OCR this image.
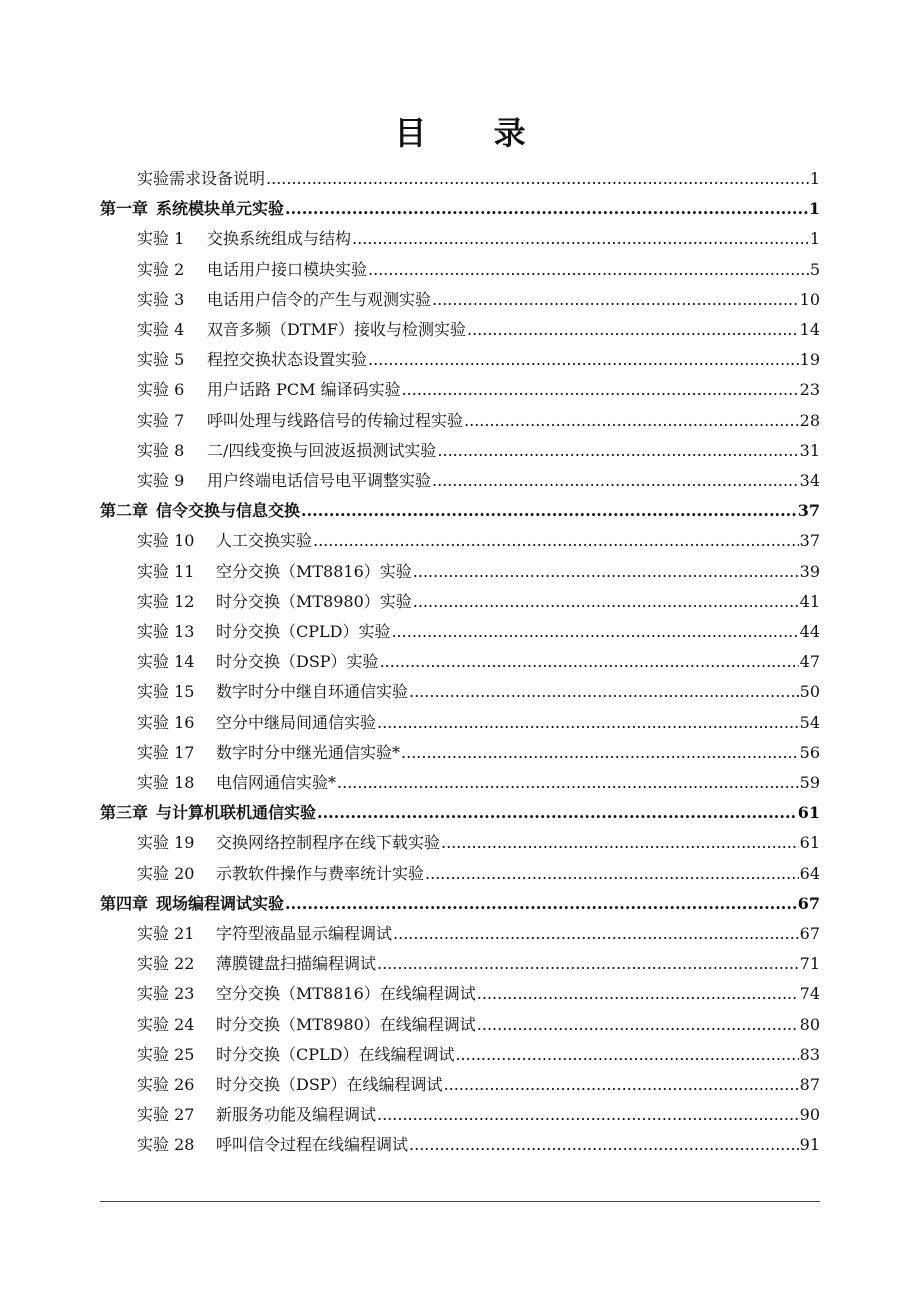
目 录
实验需求设备说明 .....	1
第一章 系统模块单元实验 .....	1
实验 1	交换系统组成与结构 .....	1
实验 2	电话用户接口模块实验 .....	5
实验 3	电话用户信令的产生与观测实验 .....	10
实验 4	双音多频（DTMF）接收与检测实验 .....	14
实验 5	程控交换状态设置实验 .....	19
实验 6	用户话路 PCM 编译码实验 .....	23
实验 7	呼叫处理与线路信号的传输过程实验 .....	28
实验 8	二/四线变换与回波返损测试实验 .....	31
实验 9	用户终端电话信号电平调整实验 .....	34
第二章 信令交换与信息交换 .....	37
实验 10	人工交换实验 .....	37
实验 11	空分交换（MT8816）实验 .....	39
实验 12	时分交换（MT8980）实验 .....	41
实验 13	时分交换（CPLD）实验 .....	44
实验 14	时分交换（DSP）实验 .....	47
实验 15	数字时分中继自环通信实验 .....	50
实验 16	空分中继局间通信实验 .....	54
实验 17	数字时分中继光通信实验* .....	56
实验 18	电信网通信实验* .....	59
第三章 与计算机联机通信实验 .....	61
实验 19	交换网络控制程序在线下载实验 .....	61
实验 20	示教软件操作与费率统计实验 .....	64
第四章 现场编程调试实验 .....	67
实验 21	字符型液晶显示编程调试 .....	67
实验 22	薄膜键盘扫描编程调试 .....	71
实验 23	空分交换（MT8816）在线编程调试 .....	74
实验 24	时分交换（MT8980）在线编程调试 .....	80
实验 25	时分交换（CPLD）在线编程调试 .....	83
实验 26	时分交换（DSP）在线编程调试 .....	87
实验 27	新服务功能及编程调试 .....	90
实验 28	呼叫信令过程在线编程调试 .....	91
